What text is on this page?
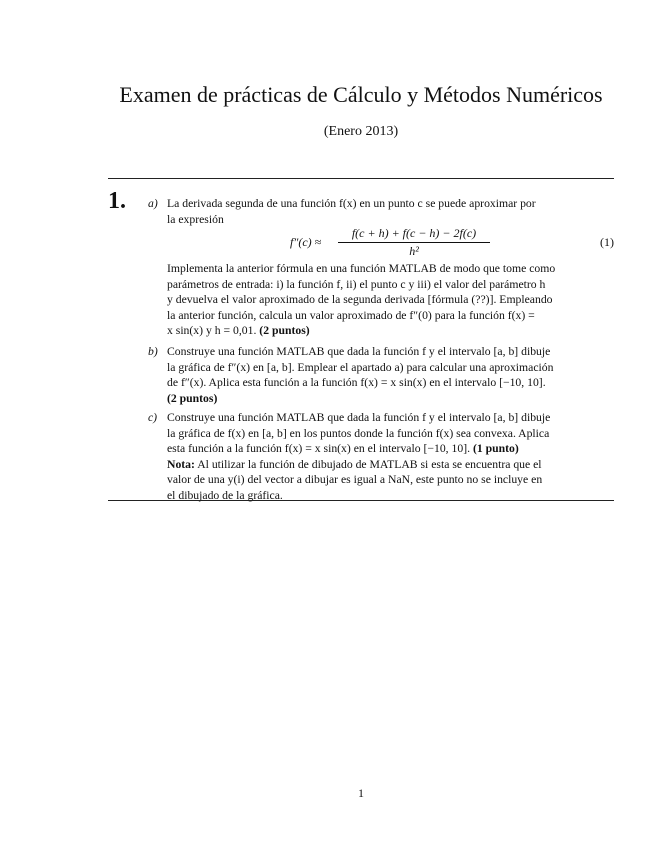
Examen de prácticas de Cálculo y Métodos Numéricos
(Enero 2013)
1. a) La derivada segunda de una función f(x) en un punto c se puede aproximar por
la expresión
$f''(c) \approx \frac{f(c + h) + f(c - h) - 2f(c)}{\text{h²}}$	(1)
Implementa la anterior fórmula en una función MATLAB de modo que tome como
parámetros de entrada: i) la función f, ii) el punto c y iii) el valor del parámetro h
y devuelva el valor aproximado de la segunda derivada [fórmula (??)]. Empleando
la anterior función, calcula un valor aproximado de f″(0) para la función f(x) =
x sin(x) y h = 0,01. (2 puntos)
b) Construye una función MATLAB que dada la función f y el intervalo [a, b] dibuje
la gráfica de f″(x) en [a, b]. Emplear el apartado a) para calcular una aproximación
de f″(x). Aplica esta función a la función f(x) = x sin(x) en el intervalo [−10, 10].
(2 puntos)
c) Construye una función MATLAB que dada la función f y el intervalo [a, b] dibuje
la gráfica de f(x) en [a, b] en los puntos donde la función f(x) sea convexa. Aplica
esta función a la función f(x) = x sin(x) en el intervalo [−10, 10]. (1 punto)
Nota: Al utilizar la función de dibujado de MATLAB si esta se encuentra que el
valor de una y(i) del vector a dibujar es igual a NaN, este punto no se incluye en
el dibujado de la gráfica.
1
